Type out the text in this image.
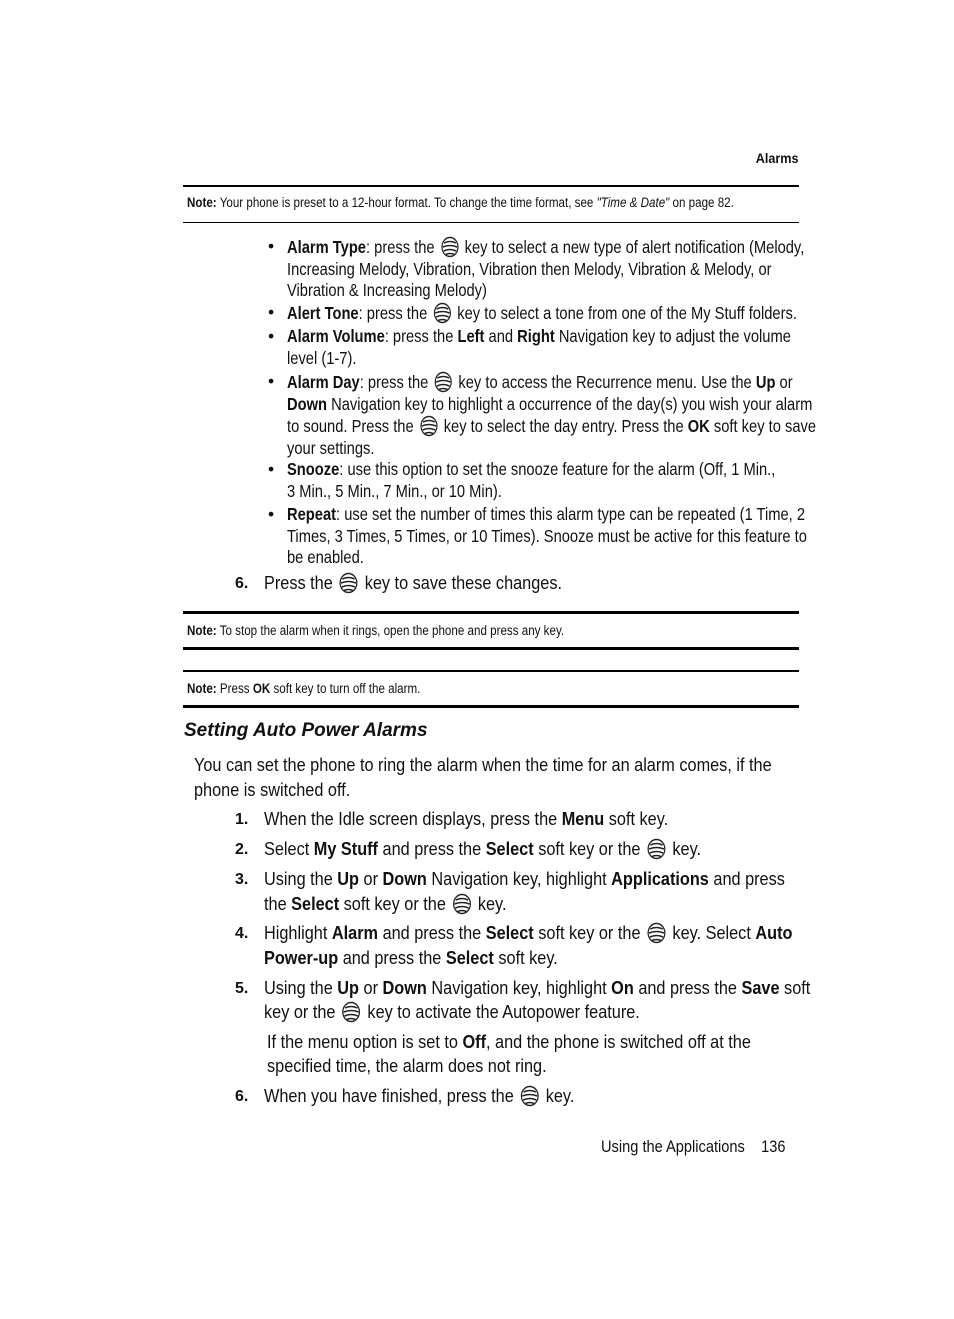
Alarms
Note: Your phone is preset to a 12-hour format. To change the time format, see "Time & Date" on page 82.
• Alarm Type: press the key to select a new type of alert notification (Melody,
Increasing Melody, Vibration, Vibration then Melody, Vibration & Melody, or
Vibration & Increasing Melody)
• Alert Tone: press the key to select a tone from one of the My Stuff folders.
• Alarm Volume: press the Left and Right Navigation key to adjust the volume
level (1-7).
• Alarm Day: press the key to access the Recurrence menu. Use the Up or
Down Navigation key to highlight a occurrence of the day(s) you wish your alarm
to sound. Press the key to select the day entry. Press the OK soft key to save
your settings.
• Snooze: use this option to set the snooze feature for the alarm (Off, 1 Min.,
3 Min., 5 Min., 7 Min., or 10 Min).
• Repeat: use set the number of times this alarm type can be repeated (1 Time, 2
Times, 3 Times, 5 Times, or 10 Times). Snooze must be active for this feature to
be enabled.
6. Press the key to save these changes.
Note: To stop the alarm when it rings, open the phone and press any key.
Note: Press OK soft key to turn off the alarm.
Setting Auto Power Alarms
You can set the phone to ring the alarm when the time for an alarm comes, if the
phone is switched off.
1. When the Idle screen displays, press the Menu soft key.
2. Select My Stuff and press the Select soft key or the key.
3. Using the Up or Down Navigation key, highlight Applications and press
the Select soft key or the key.
4. Highlight Alarm and press the Select soft key or the key. Select Auto
Power-up and press the Select soft key.
5. Using the Up or Down Navigation key, highlight On and press the Save soft
key or the key to activate the Autopower feature.
If the menu option is set to Off, and the phone is switched off at the
specified time, the alarm does not ring.
6. When you have finished, press the key.
Using the Applications 136
